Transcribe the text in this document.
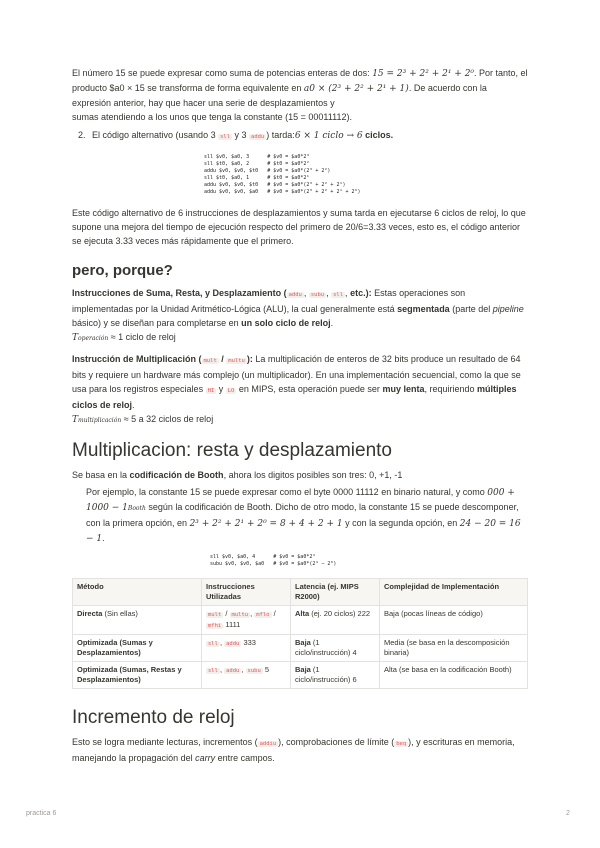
El número 15 se puede expresar como suma de potencias enteras de dos: 15 = 2³ + 2² + 2¹ + 2⁰. Por tanto, el producto $a0 × 15 se transforma de forma equivalente en a0 × (2³ + 2² + 2¹ + 1). De acuerdo con la expresión anterior, hay que hacer una serie de desplazamientos y
sumas atendiendo a los unos que tenga la constante (15 = 00011112).

2. El código alternativo (usando 3 sll y 3 addu ) tarda:6 × 1 ciclo → 6 ciclos.
sll $v0, $a0, 3      # $v0 = $a0*2³
sll $t0, $a0, 2      # $t0 = $a0*2²
addu $v0, $v0, $t0   # $v0 = $a0*(2³ + 2²)
sll $t0, $a0, 1      # $t0 = $a0*2¹
addu $v0, $v0, $t0   # $v0 = $a0*(2³ + 2² + 2¹)
addu $v0, $v0, $a0   # $v0 = $a0*(2³ + 2² + 2¹ + 2⁰)

Este código alternativo de 6 instrucciones de desplazamientos y suma tarda en ejecutarse 6 ciclos de reloj, lo que supone una mejora del tiempo de ejecución respecto del primero de 20/6=3.33 veces, esto es, el código anterior se ejecuta 3.33 veces más rápidamente que el primero.

pero, porque?

Instrucciones de Suma, Resta, y Desplazamiento ( addu , subu , sll , etc.): Estas operaciones son implementadas por la Unidad Aritmético-Lógica (ALU), la cual generalmente está segmentada (parte del pipeline básico) y se diseñan para completarse en un solo ciclo de reloj.

Toperación ≈ 1 ciclo de reloj

Instrucción de Multiplicación ( mult / multu ): La multiplicación de enteros de 32 bits produce un resultado de 64 bits y requiere un hardware más complejo (un multiplicador). En una implementación secuencial, como la que se usa para los registros especiales HI y LO en MIPS, esta operación puede ser muy lenta, requiriendo múltiples ciclos de reloj.

Tmultiplicación ≈ 5 a 32 ciclos de reloj

Multiplicacion: resta y desplazamiento

Se basa en la codificación de Booth, ahora los digitos posibles son tres: 0, +1, -1

Por ejemplo, la constante 15 se puede expresar como el byte 0000 11112 en binario natural, y como 000 + 1000 − 1Booth según la codificación de Booth. Dicho de otro modo, la constante 15 se puede descomponer, con la primera opción, en 2³ + 2² + 2¹ + 2⁰ = 8 + 4 + 2 + 1 y con la segunda opción, en 24 − 20 = 16 − 1.

sll $v0, $a0, 4      # $v0 = $a0*2⁴
subu $v0, $v0, $a0   # $v0 = $a0*(2⁴ − 2⁰)
Método	Instrucciones Utilizadas	Latencia (ej. MIPS R2000)	Complejidad de Implementación
Directa (Sin ellas)	mult / multu , mflo / mfhi 1111	Alta (ej. 20 ciclos) 222	Baja (pocas líneas de código)
Optimizada (Sumas y Desplazamientos)	sll , addu 333	Baja (1 ciclo/instrucción) 4	Media (se basa en la descomposición binaria)
Optimizada (Sumas, Restas y Desplazamientos)	sll , addu , subu 5	Baja (1 ciclo/instrucción) 6	Alta (se basa en la codificación Booth)
Incremento de reloj

Esto se logra mediante lecturas, incrementos ( addiu ), comprobaciones de límite ( beq ), y escrituras en memoria, manejando la propagación del carry entre campos.

practica 6	2
